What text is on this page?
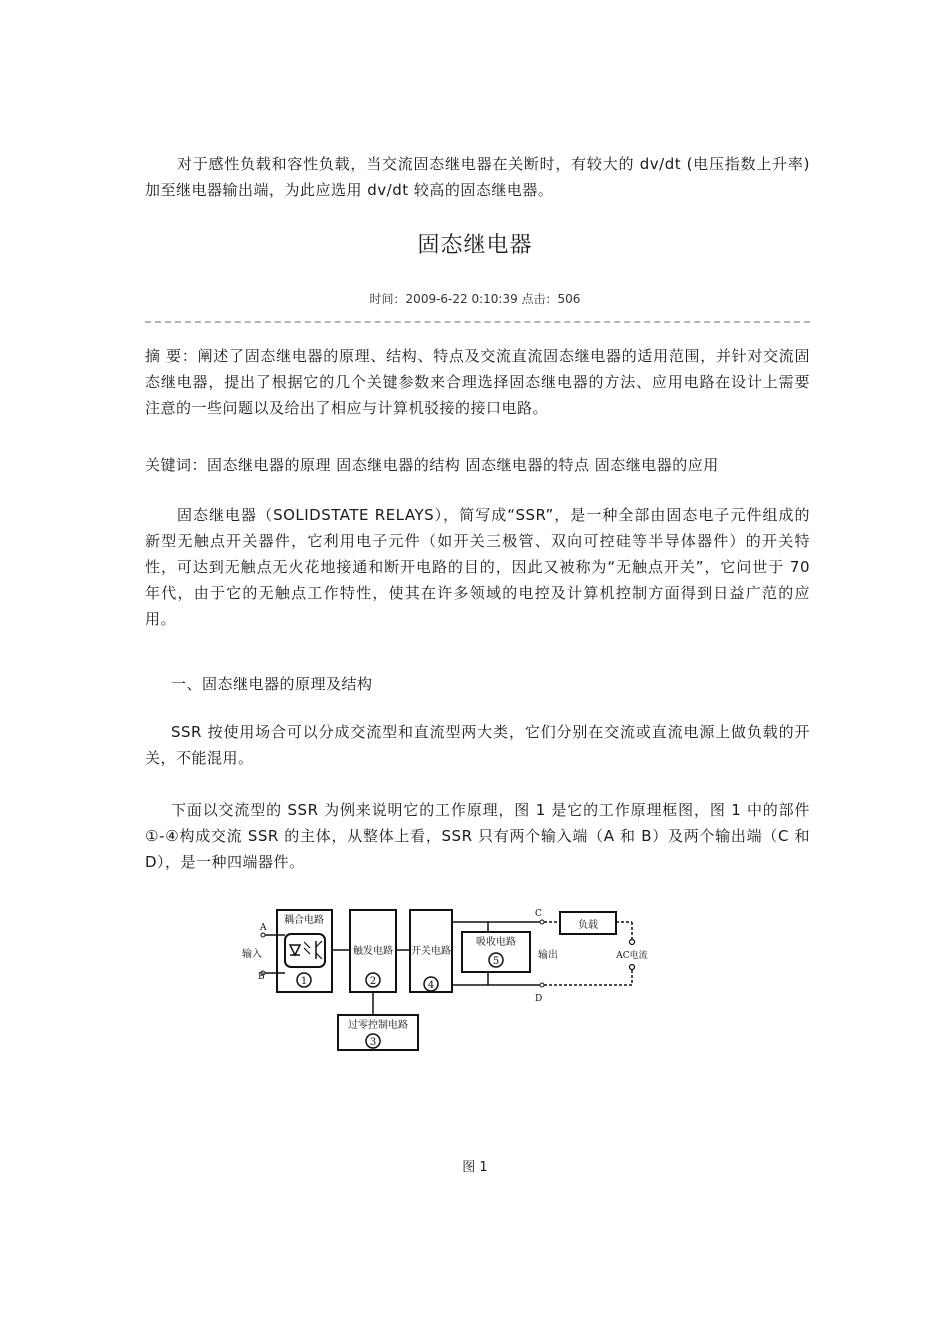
对于感性负载和容性负载，当交流固态继电器在关断时，有较大的 dv/dt (电压指数上升率)加至继电器输出端，为此应选用 dv/dt 较高的固态继电器。

固态继电器
时间：2009-6-22 0:10:39 点击：506

摘 要：阐述了固态继电器的原理、结构、特点及交流直流固态继电器的适用范围，并针对交流固态继电器，提出了根据它的几个关键参数来合理选择固态继电器的方法、应用电路在设计上需要注意的一些问题以及给出了相应与计算机驳接的接口电路。

关键词：固态继电器的原理 固态继电器的结构 固态继电器的特点 固态继电器的应用

固态继电器（SOLIDSTATE RELAYS），简写成“SSR”，是一种全部由固态电子元件组成的新型无触点开关器件，它利用电子元件（如开关三极管、双向可控硅等半导体器件）的开关特性，可达到无触点无火花地接通和断开电路的目的，因此又被称为“无触点开关”，它问世于 70 年代，由于它的无触点工作特性，使其在许多领域的电控及计算机控制方面得到日益广范的应用。

一、固态继电器的原理及结构

SSR 按使用场合可以分成交流型和直流型两大类，它们分别在交流或直流电源上做负载的开关，不能混用。

下面以交流型的 SSR 为例来说明它的工作原理，图 1 是它的工作原理框图，图 1 中的部件①-④构成交流 SSR 的主体，从整体上看，SSR 只有两个输入端（A 和 B）及两个输出端（C 和 D），是一种四端器件。

耦合电路
1
A
B
输入	触发电路
2
开关电路
4
过零控制电路
3
吸收电路
5
C
D
输出
负载
AC电流
图 1
